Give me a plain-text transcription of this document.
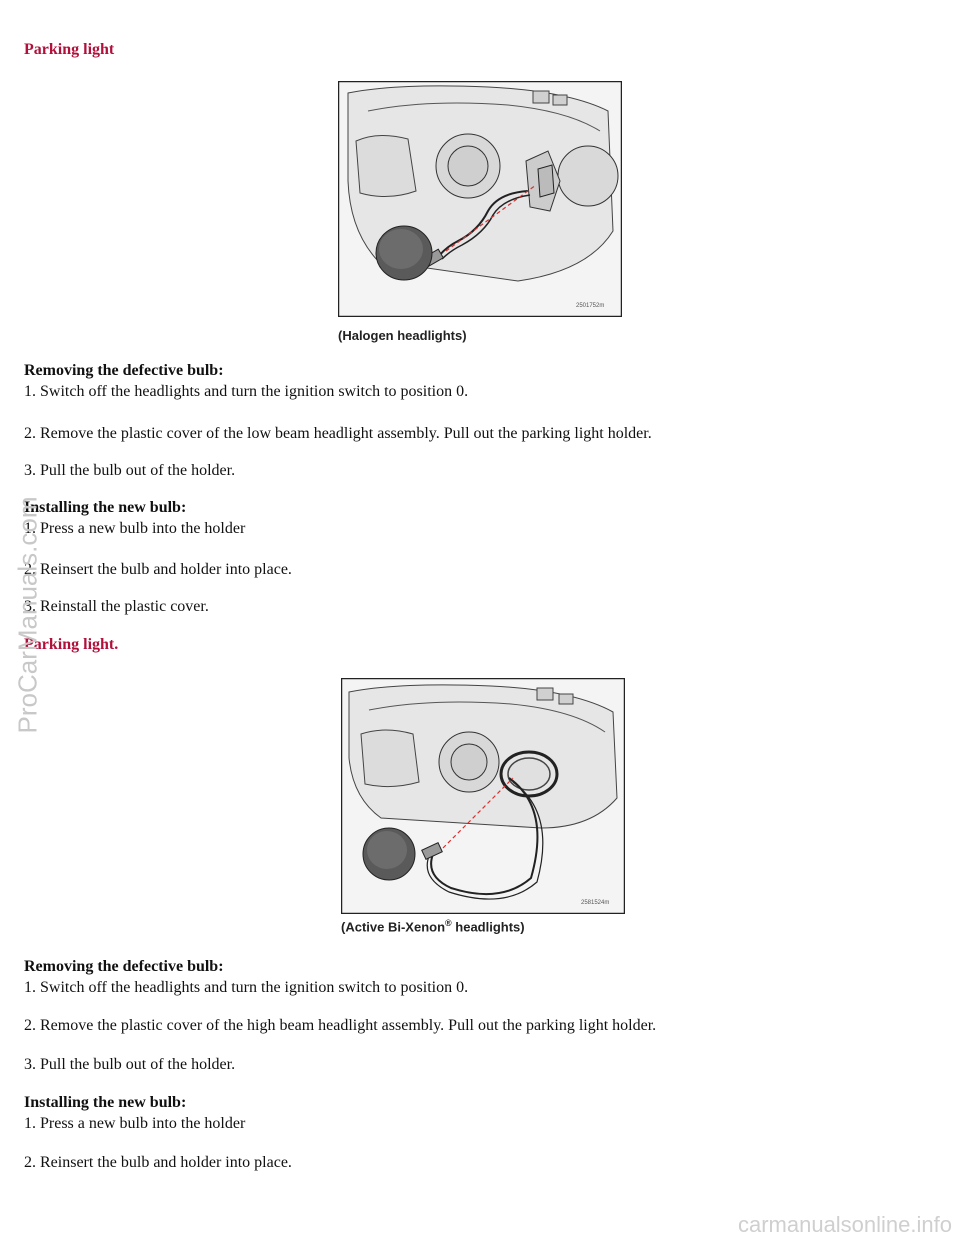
Parking light
2501752m
(Halogen headlights)
Removing the defective bulb:
1. Switch off the headlights and turn the ignition switch to position 0.
2. Remove the plastic cover of the low beam headlight assembly. Pull out the parking light holder.
3. Pull the bulb out of the holder.
Installing the new bulb:
1. Press a new bulb into the holder
2. Reinsert the bulb and holder into place.
3. Reinstall the plastic cover.
Parking light.
2581524m
(Active Bi-Xenon® headlights)
Removing the defective bulb:
1. Switch off the headlights and turn the ignition switch to position 0.
2. Remove the plastic cover of the high beam headlight assembly. Pull out the parking light holder.
3. Pull the bulb out of the holder.
Installing the new bulb:
1. Press a new bulb into the holder
2. Reinsert the bulb and holder into place.
ProCarManuals.com
carmanualsonline.info
